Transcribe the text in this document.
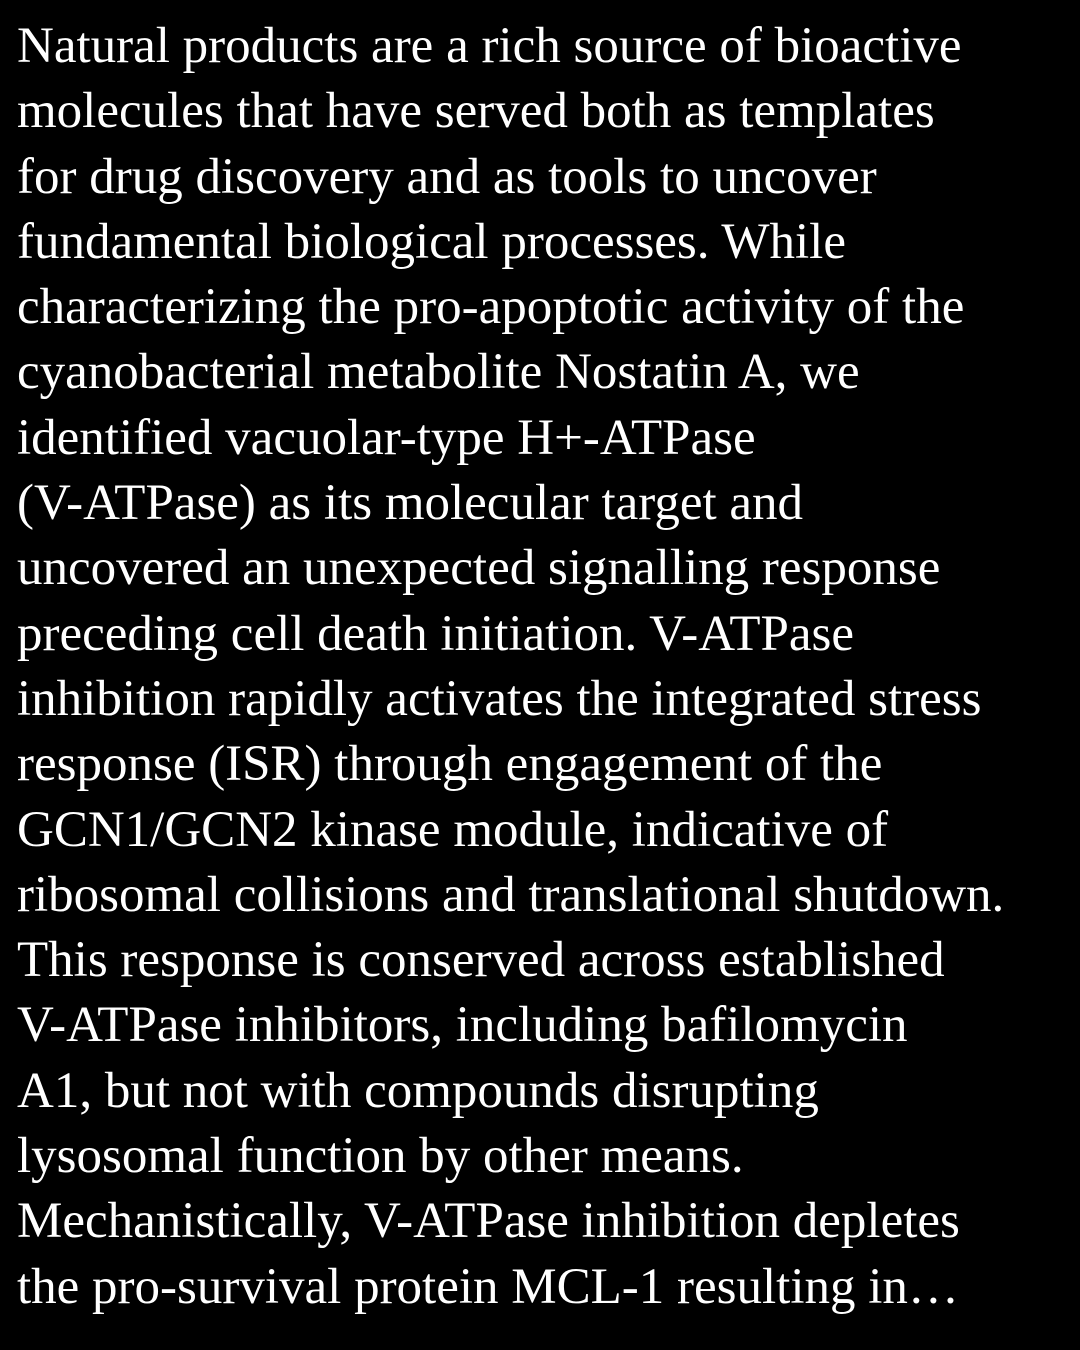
Natural products are a rich source of bioactive
molecules that have served both as templates
for drug discovery and as tools to uncover
fundamental biological processes. While
characterizing the pro-apoptotic activity of the
cyanobacterial metabolite Nostatin A, we
identified vacuolar-type H+-ATPase
(V-ATPase) as its molecular target and
uncovered an unexpected signalling response
preceding cell death initiation. V-ATPase
inhibition rapidly activates the integrated stress
response (ISR) through engagement of the
GCN1/GCN2 kinase module, indicative of
ribosomal collisions and translational shutdown.
This response is conserved across established
V-ATPase inhibitors, including bafilomycin
A1, but not with compounds disrupting
lysosomal function by other means.
Mechanistically, V-ATPase inhibition depletes
the pro-survival protein MCL-1 resulting in…
